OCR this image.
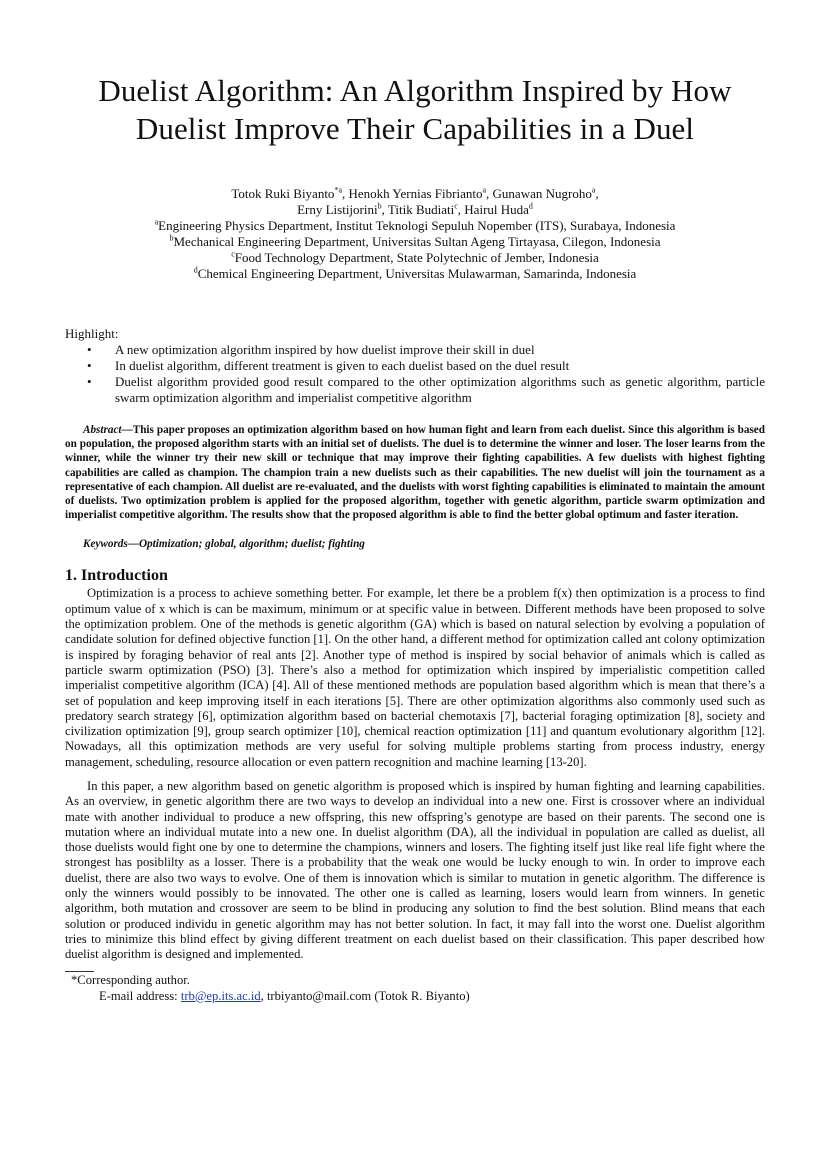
Duelist Algorithm: An Algorithm Inspired by How
Duelist Improve Their Capabilities in a Duel
Totok Ruki Biyanto$^{*a}$, Henokh Yernias Fibrianto$^a$, Gunawan Nugroho$^a$,
Erny Listijorini$^b$, Titik Budiati$^c$, Hairul Huda$^d$
$^a$Engineering Physics Department, Institut Teknologi Sepuluh Nopember (ITS), Surabaya, Indonesia
$^b$Mechanical Engineering Department, Universitas Sultan Ageng Tirtayasa, Cilegon, Indonesia
$^c$Food Technology Department, State Polytechnic of Jember, Indonesia
$^d$Chemical Engineering Department, Universitas Mulawarman, Samarinda, Indonesia
Highlight:
• A new optimization algorithm inspired by how duelist improve their skill in duel
• In duelist algorithm, different treatment is given to each duelist based on the duel result
• Duelist algorithm provided good result compared to the other optimization algorithms such as genetic algorithm, particle swarm optimization algorithm and imperialist competitive algorithm

Abstract—This paper proposes an optimization algorithm based on how human fight and learn from each duelist. Since this algorithm is based on population, the proposed algorithm starts with an initial set of duelists. The duel is to determine the winner and loser. The loser learns from the winner, while the winner try their new skill or technique that may improve their fighting capabilities. A few duelists with highest fighting capabilities are called as champion. The champion train a new duelists such as their capabilities. The new duelist will join the tournament as a representative of each champion. All duelist are re-evaluated, and the duelists with worst fighting capabilities is eliminated to maintain the amount of duelists. Two optimization problem is applied for the proposed algorithm, together with genetic algorithm, particle swarm optimization and imperialist competitive algorithm. The results show that the proposed algorithm is able to find the better global optimum and faster iteration.

Keywords—Optimization; global, algorithm; duelist; fighting
1. Introduction

Optimization is a process to achieve something better. For example, let there be a problem f(x) then optimization is a process to find optimum value of x which is can be maximum, minimum or at specific value in between. Different methods have been proposed to solve the optimization problem. One of the methods is genetic algorithm (GA) which is based on natural selection by evolving a population of candidate solution for defined objective function [1]. On the other hand, a different method for optimization called ant colony optimization is inspired by foraging behavior of real ants [2]. Another type of method is inspired by social behavior of animals which is called as particle swarm optimization (PSO) [3]. There’s also a method for optimization which inspired by imperialistic competition called imperialist competitive algorithm (ICA) [4]. All of these mentioned methods are population based algorithm which is mean that there’s a set of population and keep improving itself in each iterations [5]. There are other optimization algorithms also commonly used such as predatory search strategy [6], optimization algorithm based on bacterial chemotaxis [7], bacterial foraging optimization [8], society and civilization optimization [9], group search optimizer [10], chemical reaction optimization [11] and quantum evolutionary algorithm [12]. Nowadays, all this optimization methods are very useful for solving multiple problems starting from process industry, energy management, scheduling, resource allocation or even pattern recognition and machine learning [13-20].

In this paper, a new algorithm based on genetic algorithm is proposed which is inspired by human fighting and learning capabilities. As an overview, in genetic algorithm there are two ways to develop an individual into a new one. First is crossover where an individual mate with another individual to produce a new offspring, this new offspring’s genotype are based on their parents. The second one is mutation where an individual mutate into a new one. In duelist algorithm (DA), all the individual in population are called as duelist, all those duelists would fight one by one to determine the champions, winners and losers. The fighting itself just like real life fight where the strongest has posiblilty as a losser. There is a probability that the weak one would be lucky enough to win. In order to improve each duelist, there are also two ways to evolve. One of them is innovation which is similar to mutation in genetic algorithm. The difference is only the winners would possibly to be innovated. The other one is called as learning, losers would learn from winners. In genetic algorithm, both mutation and crossover are seem to be blind in producing any solution to find the best solution. Blind means that each solution or produced individu in genetic algorithm may has not better solution. In fact, it may fall into the worst one. Duelist algorithm tries to minimize this blind effect by giving different treatment on each duelist based on their classification. This paper described how duelist algorithm is designed and implemented.

*Corresponding author.
E-mail address: trb@ep.its.ac.id, trbiyanto@mail.com (Totok R. Biyanto)
